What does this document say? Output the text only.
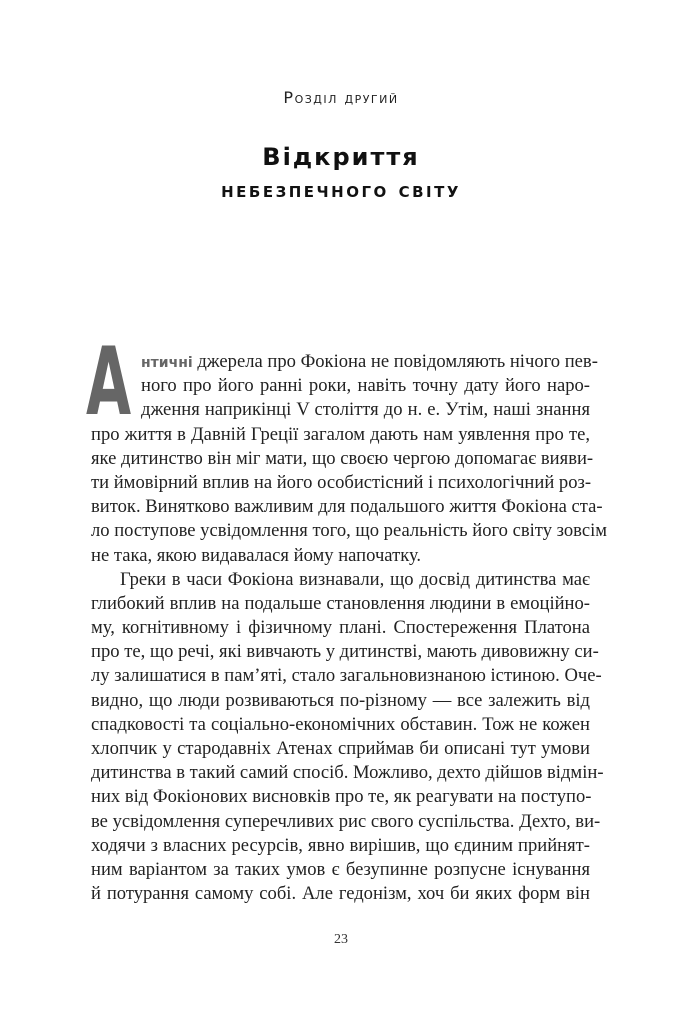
Розділ другий
Відкриття
небезпечного світу
А нтичні джерела про Фокіона не повідомляють нічого пев-
ного про його ранні роки, навіть точну дату його наро-
дження наприкінці V століття до н. е. Утім, наші знання
про життя в Давній Греції загалом дають нам уявлення про те,
яке дитинство він міг мати, що своєю чергою допомагає вияви-
ти ймовірний вплив на його особистісний і психологічний роз-
виток. Винятково важливим для подальшого життя Фокіона ста-
ло поступове усвідомлення того, що реальність його світу зовсім
не така, якою видавалася йому напочатку.
Греки в часи Фокіона визнавали, що досвід дитинства має
глибокий вплив на подальше становлення людини в емоційно-
му, когнітивному і фізичному плані. Спостереження Платона
про те, що речі, які вивчають у дитинстві, мають дивовижну си-
лу залишатися в пам’яті, стало загальновизнаною істиною. Оче-
видно, що люди розвиваються по-різному — все залежить від
спадковості та соціально-економічних обставин. Тож не кожен
хлопчик у стародавніх Атенах сприймав би описані тут умови
дитинства в такий самий спосіб. Можливо, дехто дійшов відмін-
них від Фокіонових висновків про те, як реагувати на поступо-
ве усвідомлення суперечливих рис свого суспільства. Дехто, ви-
ходячи з власних ресурсів, явно вирішив, що єдиним прийнят-
ним варіантом за таких умов є безупинне розпусне існування
й потурання самому собі. Але гедонізм, хоч би яких форм він
23
